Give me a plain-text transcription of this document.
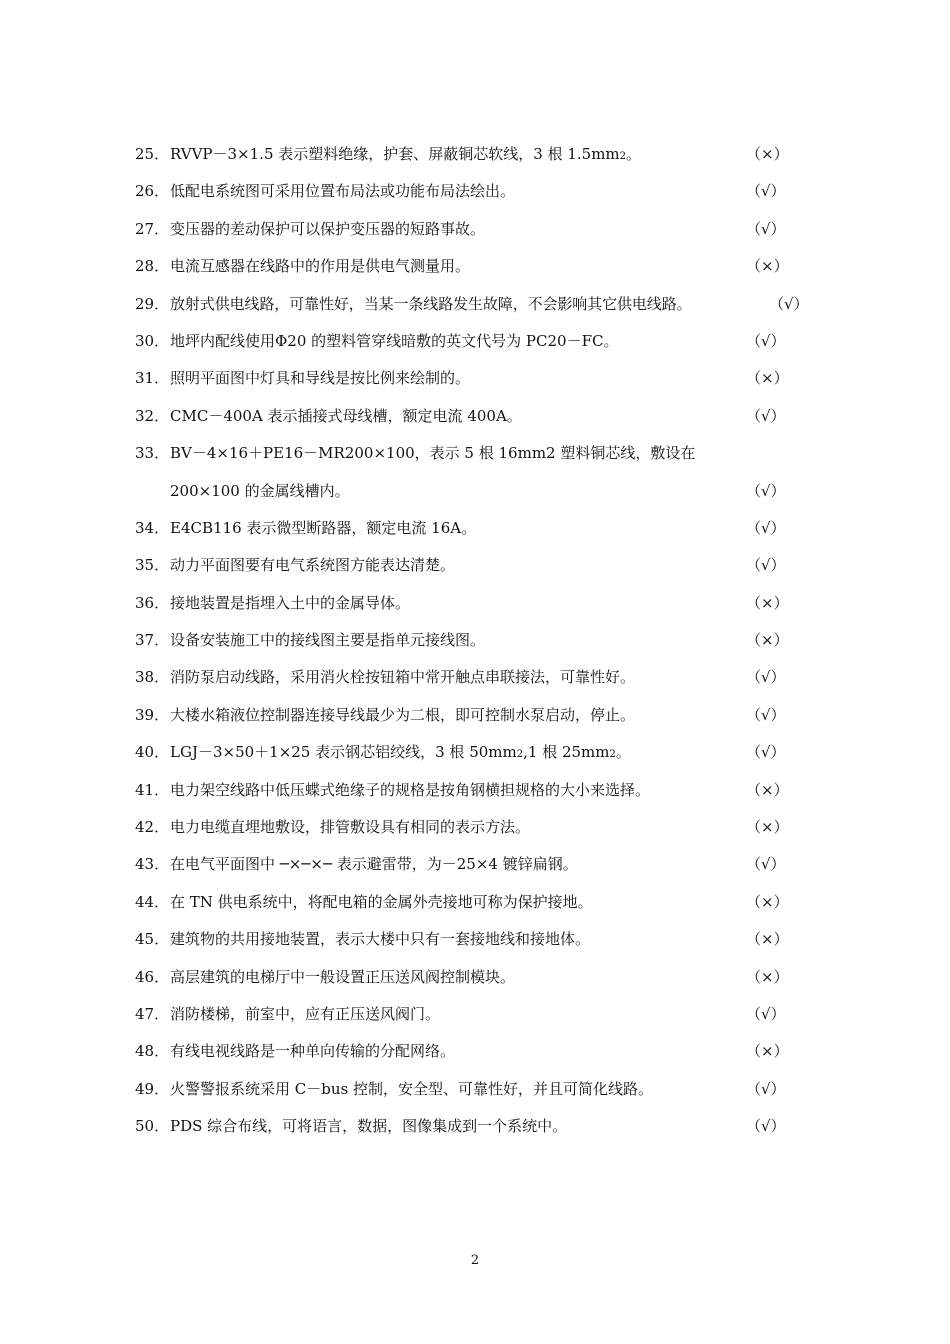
25． RVVP－3×1.5 表示塑料绝缘，护套、屏蔽铜芯软线，3 根 1.5mm2。	（×）
26． 低配电系统图可采用位置布局法或功能布局法绘出。	（√）
27． 变压器的差动保护可以保护变压器的短路事故。	（√）
28． 电流互感器在线路中的作用是供电气测量用。	（×）
29． 放射式供电线路，可靠性好，当某一条线路发生故障，不会影响其它供电线路。	（√）
30． 地坪内配线使用Φ20 的塑料管穿线暗敷的英文代号为 PC20－FC。	（√）
31． 照明平面图中灯具和导线是按比例来绘制的。	（×）
32． CMC－400A 表示插接式母线槽，额定电流 400A。	（√）
33． BV－4×16＋PE16－MR200×100，表示 5 根 16mm2 塑料铜芯线，敷设在
200×100 的金属线槽内。	（√）
34． E4CB116 表示微型断路器，额定电流 16A。	（√）
35． 动力平面图要有电气系统图方能表达清楚。	（√）
36． 接地装置是指埋入土中的金属导体。	（×）
37． 设备安装施工中的接线图主要是指单元接线图。	（×）
38． 消防泵启动线路，采用消火栓按钮箱中常开触点串联接法，可靠性好。	（√）
39． 大楼水箱液位控制器连接导线最少为二根，即可控制水泵启动，停止。	（√）
40． LGJ－3×50＋1×25 表示钢芯铝绞线，3 根 50mm2,1 根 25mm2。	（√）
41． 电力架空线路中低压蝶式绝缘子的规格是按角钢横担规格的大小来选择。	（×）
42． 电力电缆直埋地敷设，排管敷设具有相同的表示方法。	（×）
43． 在电气平面图中 ─×─×─ 表示避雷带，为－25×4 镀锌扁钢。	（√）
44． 在 TN 供电系统中，将配电箱的金属外壳接地可称为保护接地。	（×）
45． 建筑物的共用接地装置，表示大楼中只有一套接地线和接地体。	（×）
46． 高层建筑的电梯厅中一般设置正压送风阀控制模块。	（×）
47． 消防楼梯，前室中，应有正压送风阀门。	（√）
48． 有线电视线路是一种单向传输的分配网络。	（×）
49． 火警警报系统采用 C－bus 控制，安全型、可靠性好，并且可简化线路。	（√）
50． PDS 综合布线，可将语言，数据，图像集成到一个系统中。	（√）
2
